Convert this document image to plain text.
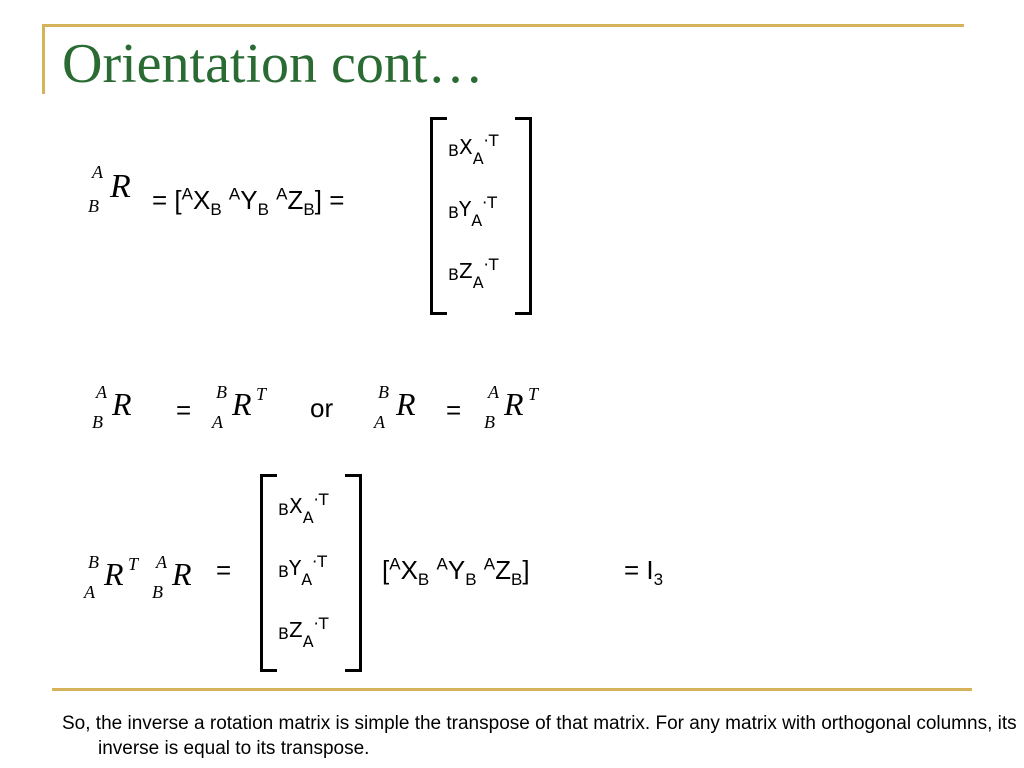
Orientation cont…
A
B
$R = [^AX_B$ $^AY_B$ $^AZ_B$] =
BXA·T
BYA·T
BZA·T
A
B R =
B
A R T or
B
A R =
A
B R T
B
A R T A
B R =
BXA·T
BYA·T
BZA·T
[$^AX_B$ $^AY_B$ $^AZ_B$]	= $I_3$
So, the inverse a rotation matrix is simple the transpose of that matrix. For any matrix with orthogonal columns, its inverse is equal to its transpose.
